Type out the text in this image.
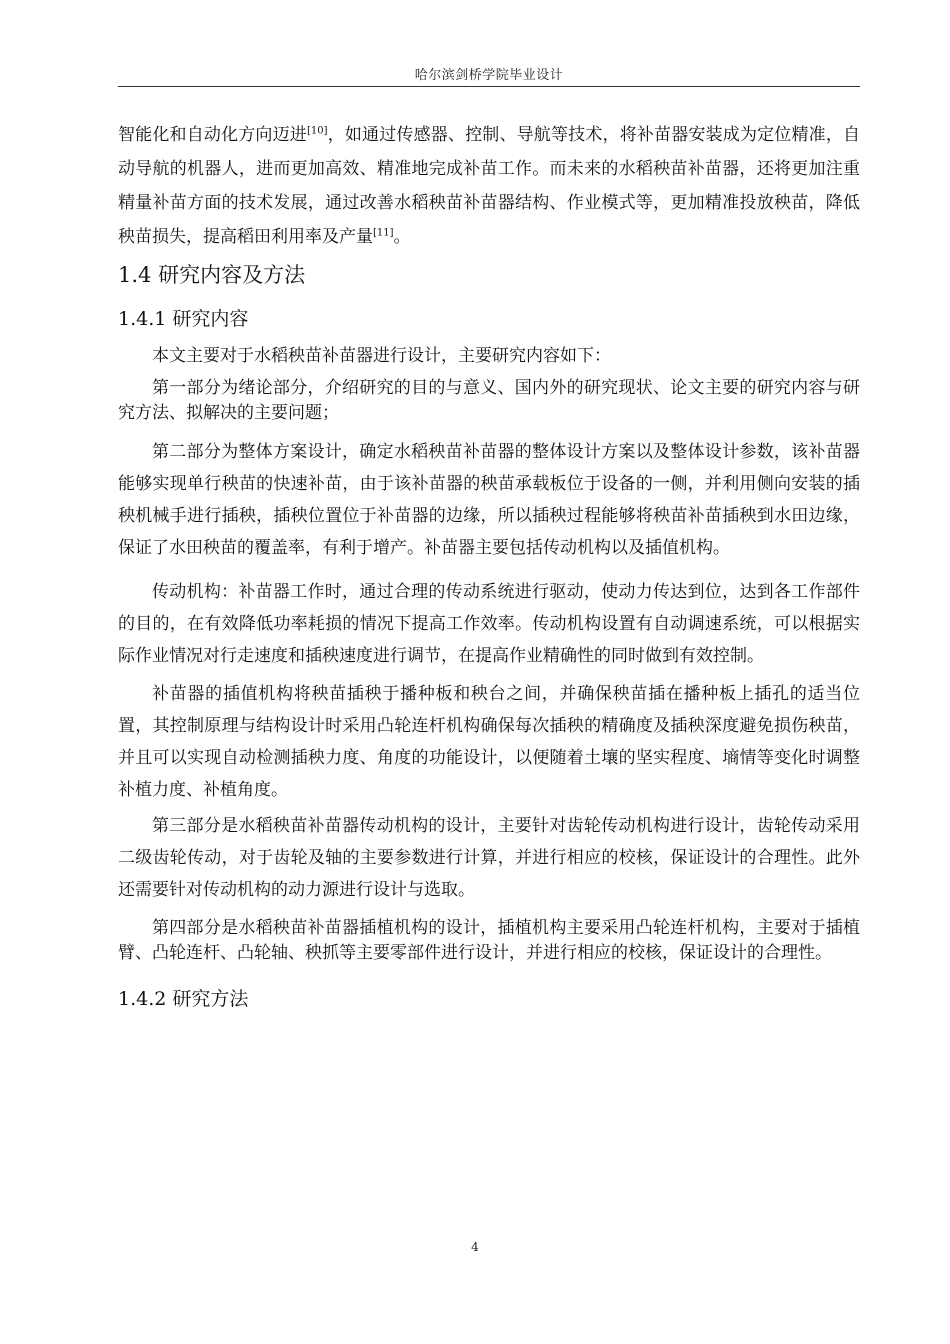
哈尔滨剑桥学院毕业设计

智能化和自动化方向迈进[10]，如通过传感器、控制、导航等技术，将补苗器安装成为定位精准，自动导航的机器人，进而更加高效、精准地完成补苗工作。而未来的水稻秧苗补苗器，还将更加注重精量补苗方面的技术发展，通过改善水稻秧苗补苗器结构、作业模式等，更加精准投放秧苗，降低秧苗损失，提高稻田利用率及产量[11]。

1.4 研究内容及方法
1.4.1 研究内容

本文主要对于水稻秧苗补苗器进行设计，主要研究内容如下：

第一部分为绪论部分，介绍研究的目的与意义、国内外的研究现状、论文主要的研究内容与研究方法、拟解决的主要问题；

第二部分为整体方案设计，确定水稻秧苗补苗器的整体设计方案以及整体设计参数，该补苗器能够实现单行秧苗的快速补苗，由于该补苗器的秧苗承载板位于设备的一侧，并利用侧向安装的插秧机械手进行插秧，插秧位置位于补苗器的边缘，所以插秧过程能够将秧苗补苗插秧到水田边缘，保证了水田秧苗的覆盖率，有利于增产。补苗器主要包括传动机构以及插值机构。

传动机构：补苗器工作时，通过合理的传动系统进行驱动，使动力传达到位，达到各工作部件的目的，在有效降低功率耗损的情况下提高工作效率。传动机构设置有自动调速系统，可以根据实际作业情况对行走速度和插秧速度进行调节，在提高作业精确性的同时做到有效控制。

补苗器的插值机构将秧苗插秧于播种板和秧台之间，并确保秧苗插在播种板上插孔的适当位置，其控制原理与结构设计时采用凸轮连杆机构确保每次插秧的精确度及插秧深度避免损伤秧苗，并且可以实现自动检测插秧力度、角度的功能设计，以便随着土壤的坚实程度、墒情等变化时调整补植力度、补植角度。

第三部分是水稻秧苗补苗器传动机构的设计，主要针对齿轮传动机构进行设计，齿轮传动采用二级齿轮传动，对于齿轮及轴的主要参数进行计算，并进行相应的校核，保证设计的合理性。此外还需要针对传动机构的动力源进行设计与选取。

第四部分是水稻秧苗补苗器插植机构的设计，插植机构主要采用凸轮连杆机构，主要对于插植臂、凸轮连杆、凸轮轴、秧抓等主要零部件进行设计，并进行相应的校核，保证设计的合理性。

1.4.2 研究方法
4
